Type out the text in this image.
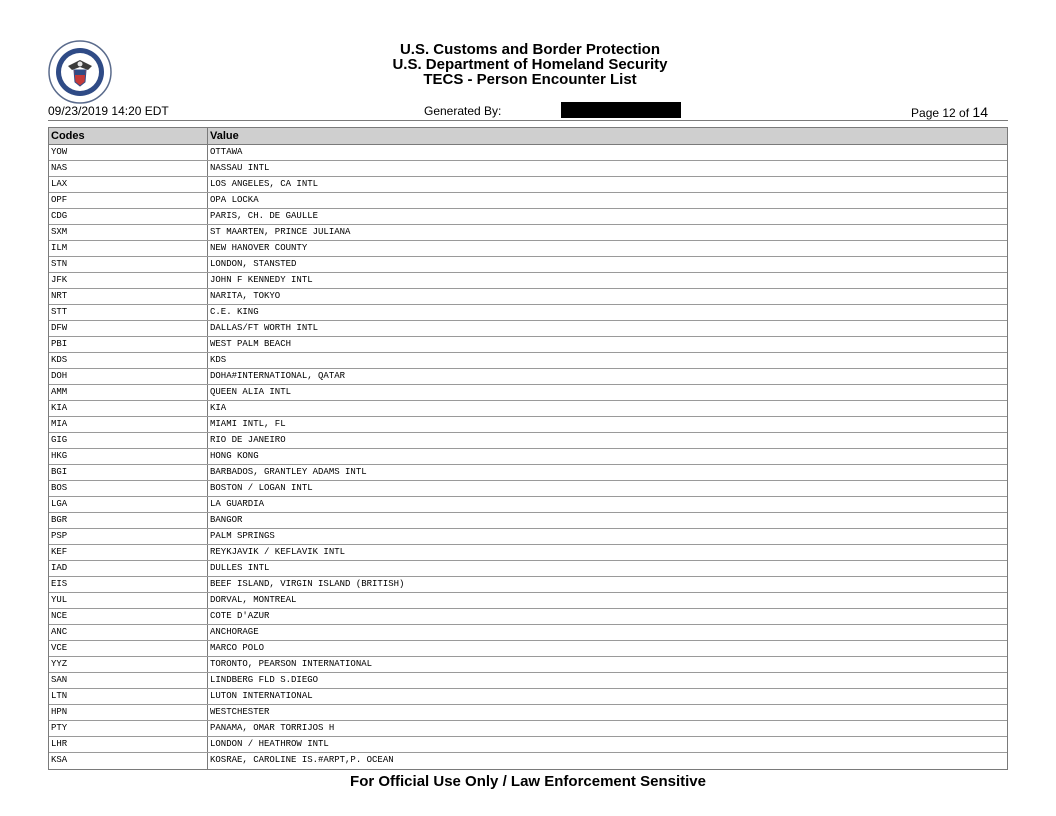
U.S. Customs and Border Protection
U.S. Department of Homeland Security
TECS - Person Encounter List
09/23/2019 14:20 EDT	Generated By:	Page 12 of 14
Codes	Value
YOW	OTTAWA
NAS	NASSAU INTL
LAX	LOS ANGELES, CA INTL
OPF	OPA LOCKA
CDG	PARIS, CH. DE GAULLE
SXM	ST MAARTEN, PRINCE JULIANA
ILM	NEW HANOVER COUNTY
STN	LONDON, STANSTED
JFK	JOHN F KENNEDY INTL
NRT	NARITA, TOKYO
STT	C.E. KING
DFW	DALLAS/FT WORTH INTL
PBI	WEST PALM BEACH
KDS	KDS
DOH	DOHA#INTERNATIONAL, QATAR
AMM	QUEEN ALIA INTL
KIA	KIA
MIA	MIAMI INTL, FL
GIG	RIO DE JANEIRO
HKG	HONG KONG
BGI	BARBADOS, GRANTLEY ADAMS INTL
BOS	BOSTON / LOGAN INTL
LGA	LA GUARDIA
BGR	BANGOR
PSP	PALM SPRINGS
KEF	REYKJAVIK / KEFLAVIK INTL
IAD	DULLES INTL
EIS	BEEF ISLAND, VIRGIN ISLAND (BRITISH)
YUL	DORVAL, MONTREAL
NCE	COTE D'AZUR
ANC	ANCHORAGE
VCE	MARCO POLO
YYZ	TORONTO, PEARSON INTERNATIONAL
SAN	LINDBERG FLD S.DIEGO
LTN	LUTON INTERNATIONAL
HPN	WESTCHESTER
PTY	PANAMA, OMAR TORRIJOS H
LHR	LONDON / HEATHROW INTL
KSA	KOSRAE, CAROLINE IS.#ARPT,P. OCEAN
For Official Use Only / Law Enforcement Sensitive
